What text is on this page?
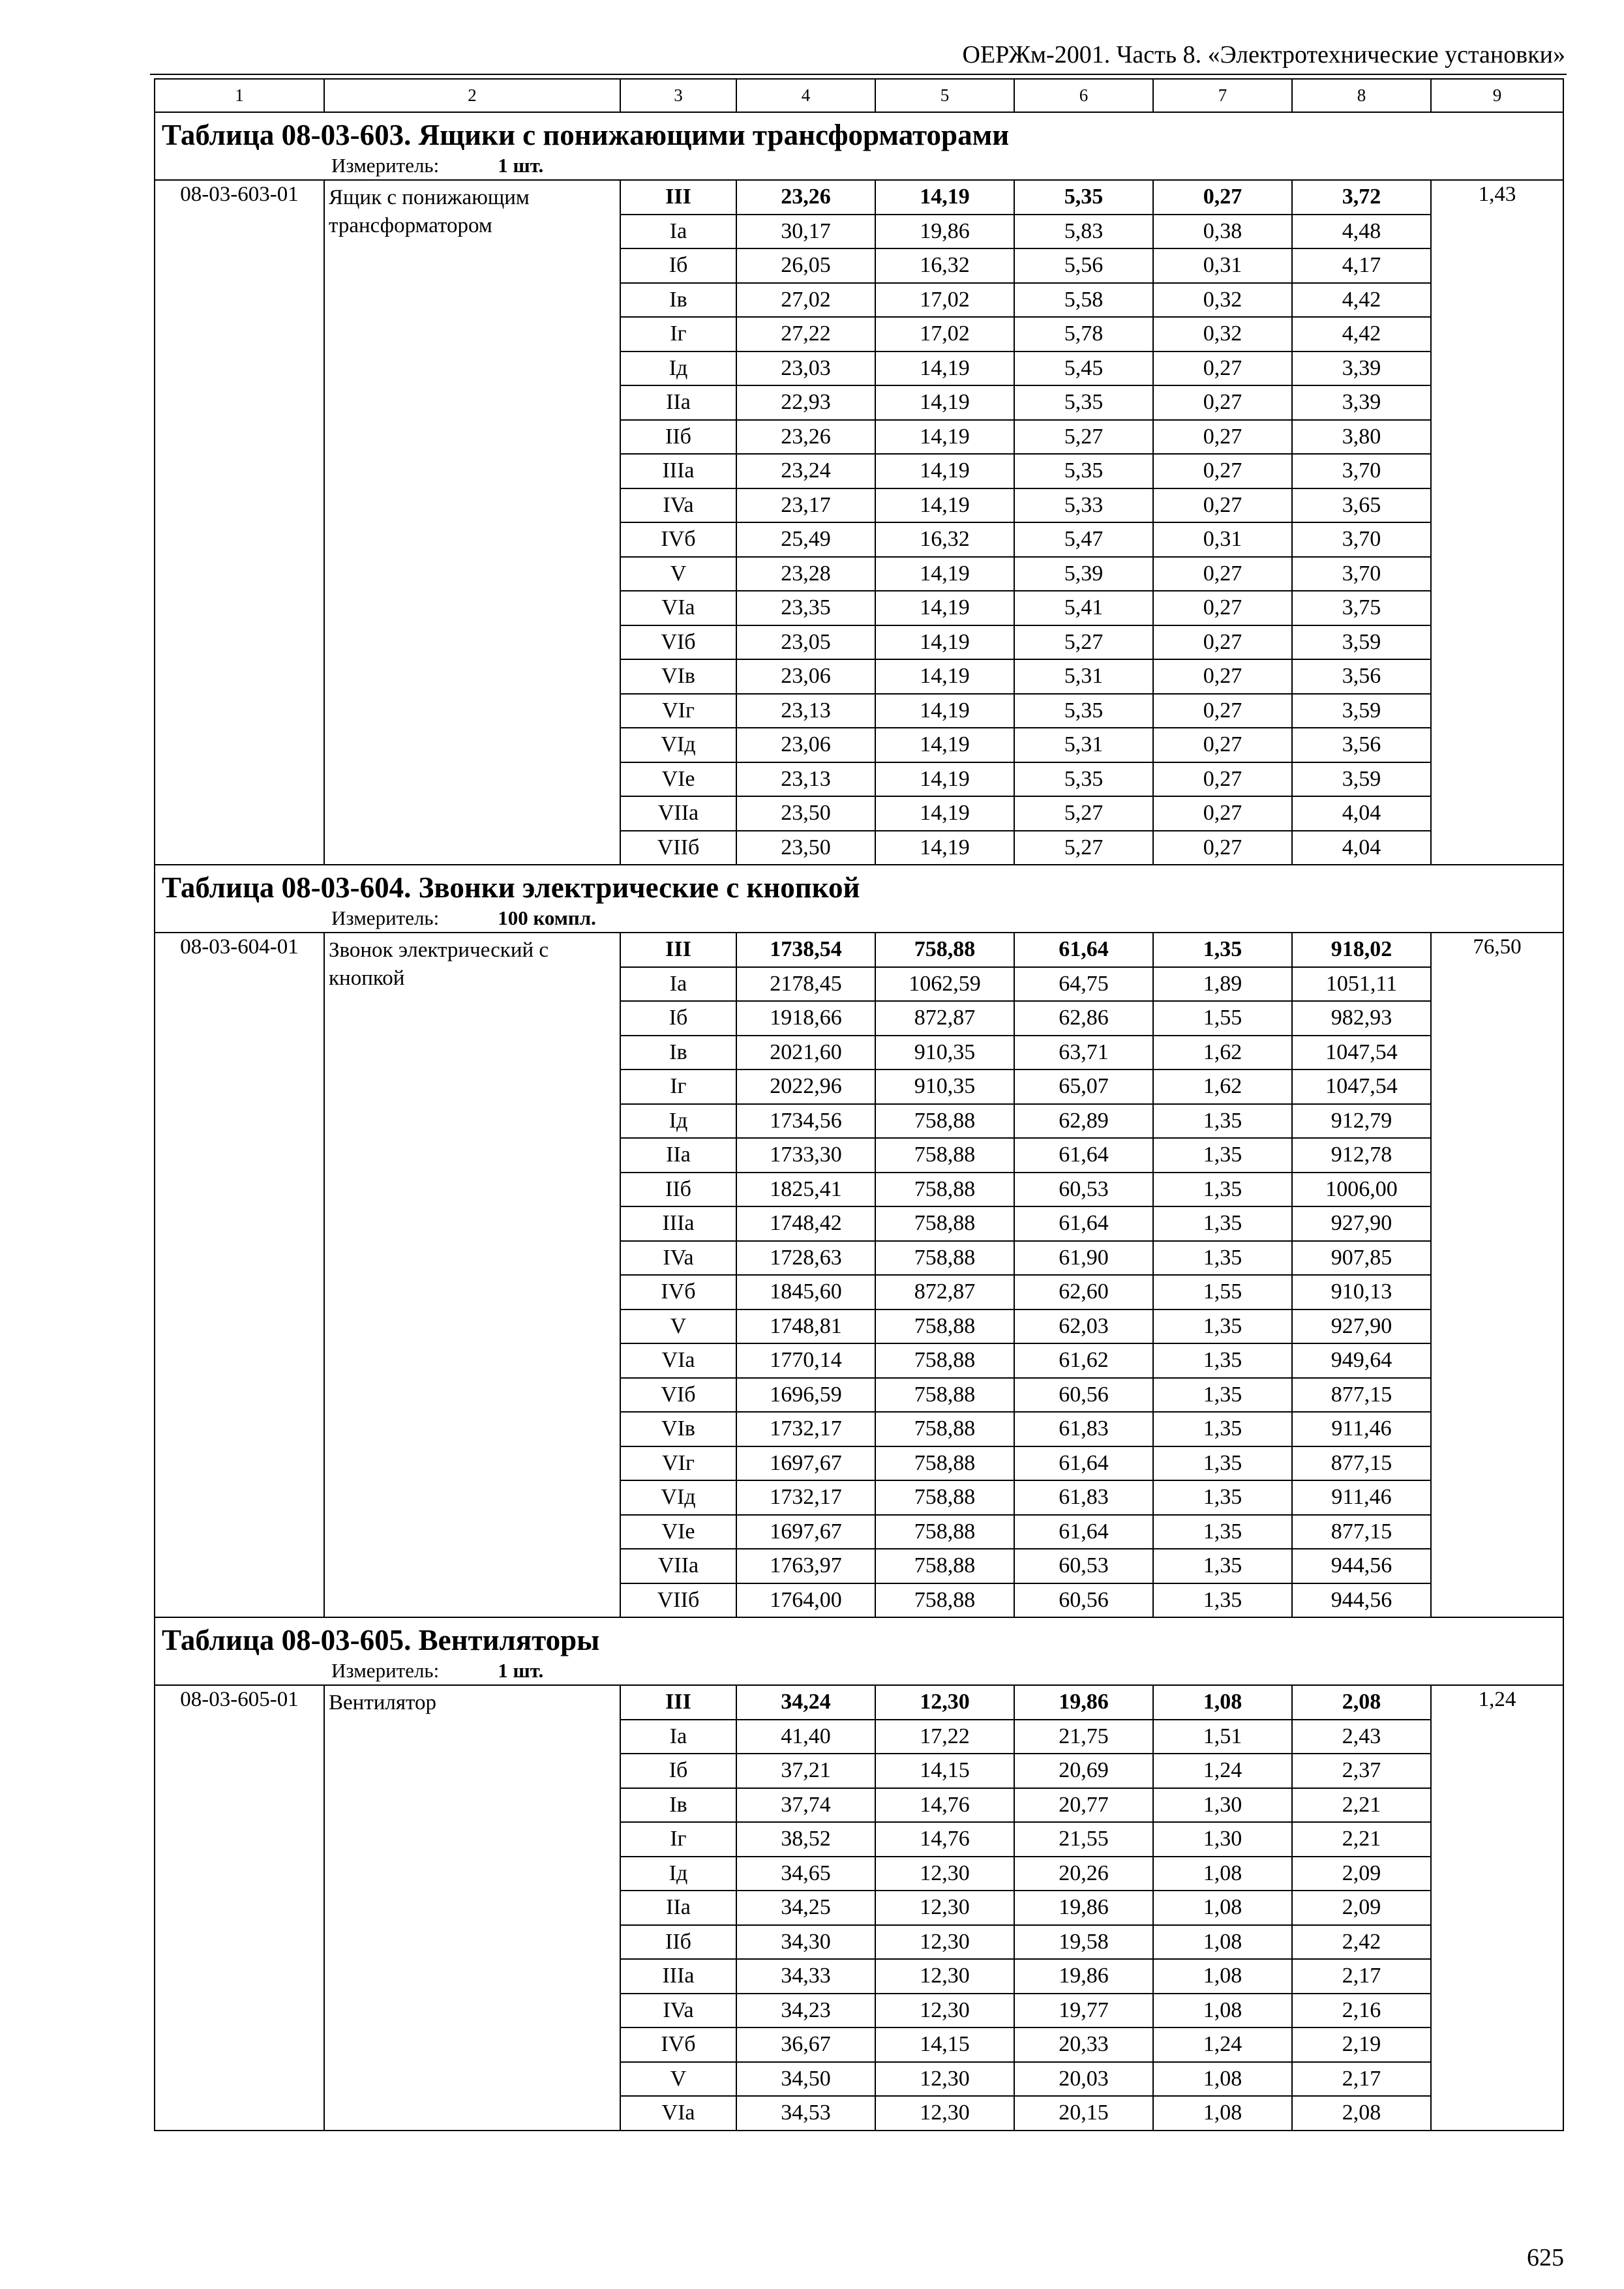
ОЕРЖм-2001. Часть 8. «Электротехнические установки»
1	2	3	4	5	6	7	8	9
Таблица 08-03-603. Ящики с понижающими трансформаторами								
Измеритель: 1 шт.								
08-03-603-01	Ящик с понижающим трансформатором	III	23,26	14,19	5,35	0,27	3,72	1,43
		Ia	30,17	19,86	5,83	0,38	4,48	
		Iб	26,05	16,32	5,56	0,31	4,17	
		Iв	27,02	17,02	5,58	0,32	4,42	
		Iг	27,22	17,02	5,78	0,32	4,42	
		Iд	23,03	14,19	5,45	0,27	3,39	
		IIa	22,93	14,19	5,35	0,27	3,39	
		IIб	23,26	14,19	5,27	0,27	3,80	
		IIIa	23,24	14,19	5,35	0,27	3,70	
		IVa	23,17	14,19	5,33	0,27	3,65	
		IVб	25,49	16,32	5,47	0,31	3,70	
		V	23,28	14,19	5,39	0,27	3,70	
		VIa	23,35	14,19	5,41	0,27	3,75	
		VIб	23,05	14,19	5,27	0,27	3,59	
		VIв	23,06	14,19	5,31	0,27	3,56	
		VIг	23,13	14,19	5,35	0,27	3,59	
		VIд	23,06	14,19	5,31	0,27	3,56	
		VIe	23,13	14,19	5,35	0,27	3,59	
		VIIa	23,50	14,19	5,27	0,27	4,04	
		VIIб	23,50	14,19	5,27	0,27	4,04	
Таблица 08-03-604. Звонки электрические с кнопкой								
Измеритель: 100 компл.								
08-03-604-01	Звонок электрический с кнопкой	III	1738,54	758,88	61,64	1,35	918,02	76,50
		Ia	2178,45	1062,59	64,75	1,89	1051,11	
		Iб	1918,66	872,87	62,86	1,55	982,93	
		Iв	2021,60	910,35	63,71	1,62	1047,54	
		Iг	2022,96	910,35	65,07	1,62	1047,54	
		Iд	1734,56	758,88	62,89	1,35	912,79	
		IIa	1733,30	758,88	61,64	1,35	912,78	
		IIб	1825,41	758,88	60,53	1,35	1006,00	
		IIIa	1748,42	758,88	61,64	1,35	927,90	
		IVa	1728,63	758,88	61,90	1,35	907,85	
		IVб	1845,60	872,87	62,60	1,55	910,13	
		V	1748,81	758,88	62,03	1,35	927,90	
		VIa	1770,14	758,88	61,62	1,35	949,64	
		VIб	1696,59	758,88	60,56	1,35	877,15	
		VIв	1732,17	758,88	61,83	1,35	911,46	
		VIг	1697,67	758,88	61,64	1,35	877,15	
		VIд	1732,17	758,88	61,83	1,35	911,46	
		VIe	1697,67	758,88	61,64	1,35	877,15	
		VIIa	1763,97	758,88	60,53	1,35	944,56	
		VIIб	1764,00	758,88	60,56	1,35	944,56	
Таблица 08-03-605. Вентиляторы								
Измеритель: 1 шт.								
08-03-605-01	Вентилятор	III	34,24	12,30	19,86	1,08	2,08	1,24
		Ia	41,40	17,22	21,75	1,51	2,43	
		Iб	37,21	14,15	20,69	1,24	2,37	
		Iв	37,74	14,76	20,77	1,30	2,21	
		Iг	38,52	14,76	21,55	1,30	2,21	
		Iд	34,65	12,30	20,26	1,08	2,09	
		IIa	34,25	12,30	19,86	1,08	2,09	
		IIб	34,30	12,30	19,58	1,08	2,42	
		IIIa	34,33	12,30	19,86	1,08	2,17	
		IVa	34,23	12,30	19,77	1,08	2,16	
		IVб	36,67	14,15	20,33	1,24	2,19	
		V	34,50	12,30	20,03	1,08	2,17	
		VIa	34,53	12,30	20,15	1,08	2,08	
625
